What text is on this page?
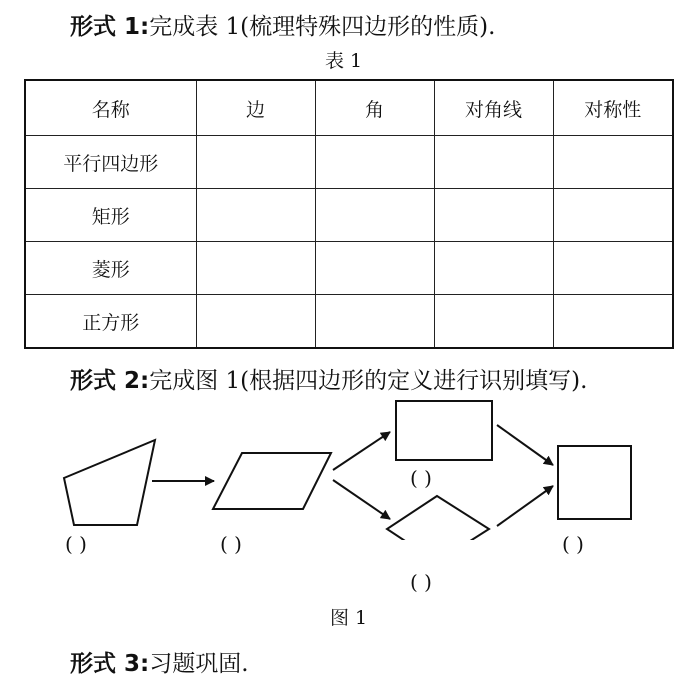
形式 1:完成表 1(梳理特殊四边形的性质).
表 1
名称	边	角	对角线	对称性
平行四边形				
矩形				
菱形				
正方形				
形式 2:完成图 1(根据四边形的定义进行识别填写).
( )	( )
( )
( )
( )
图 1
形式 3:习题巩固.
